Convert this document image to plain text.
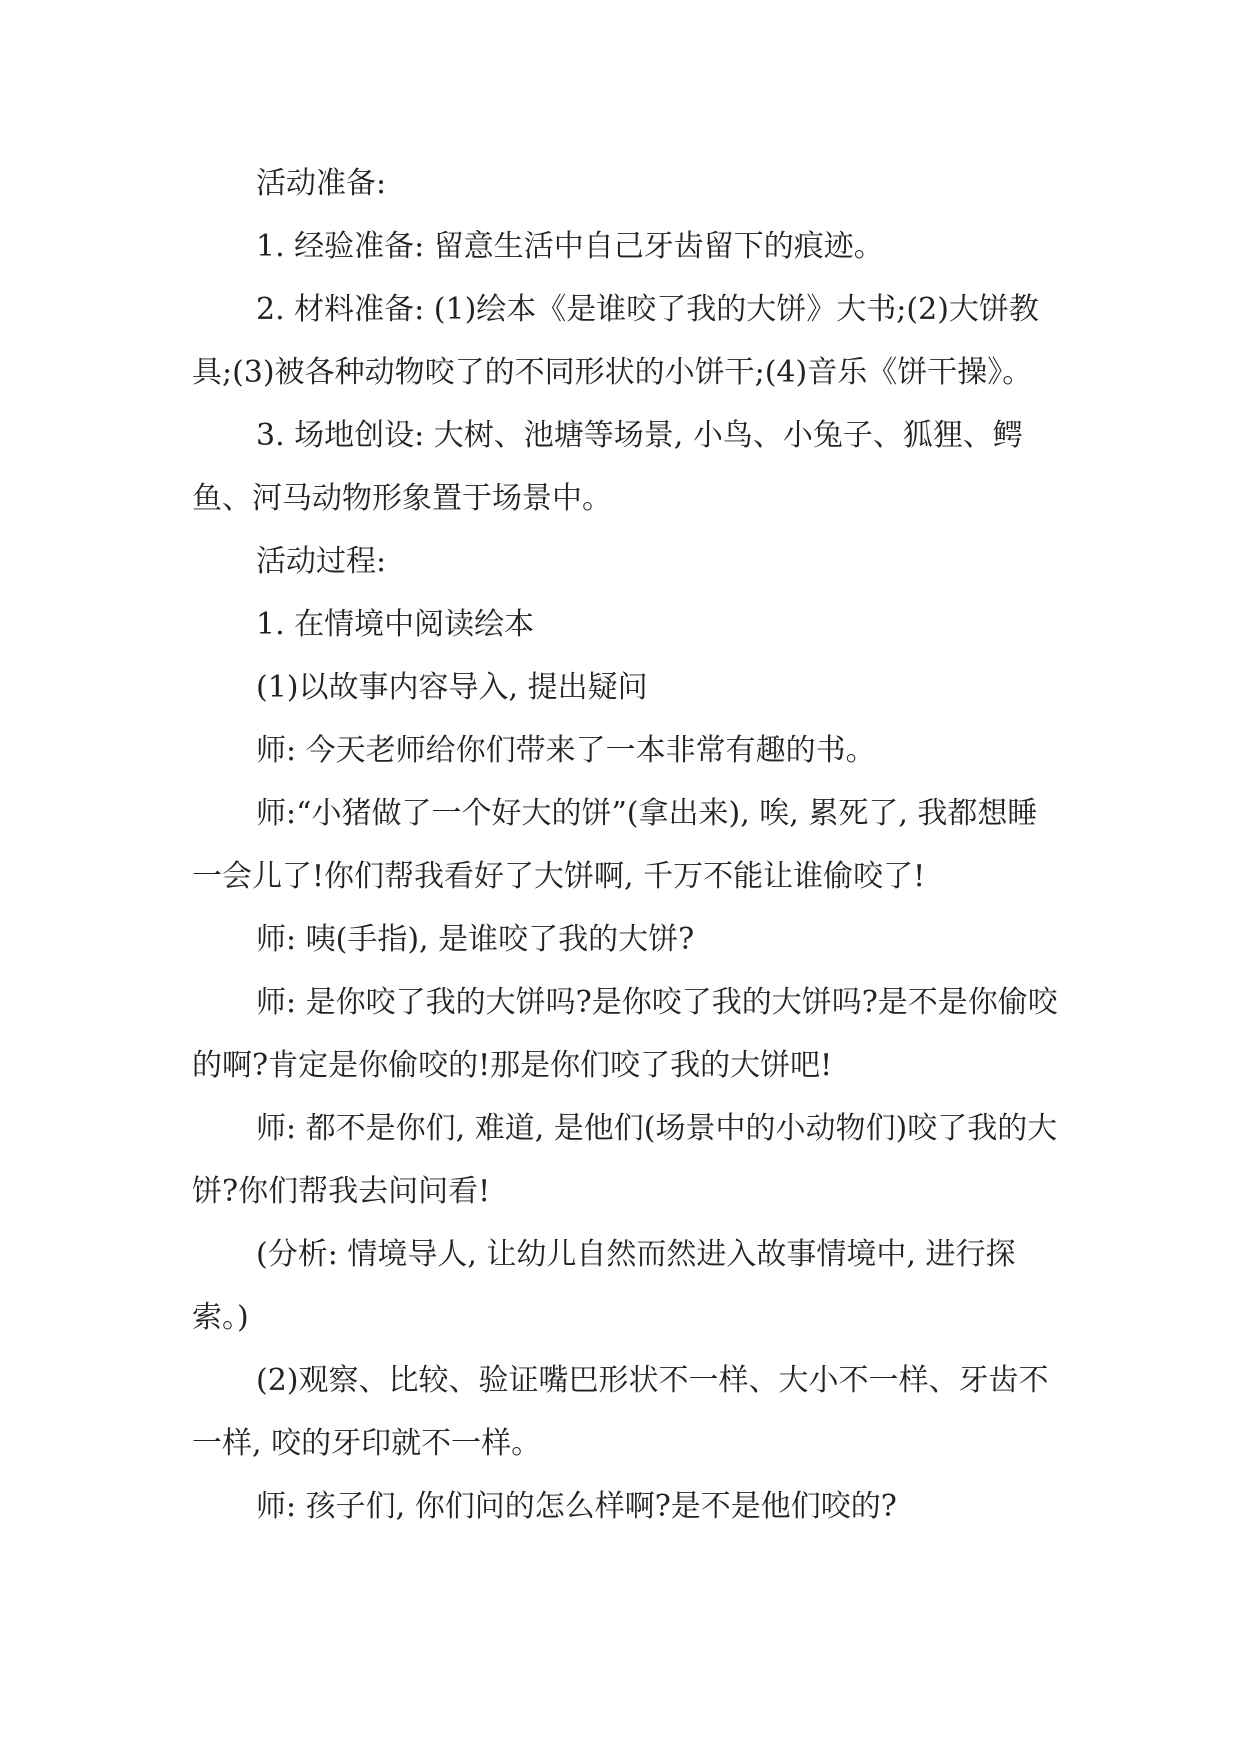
活动准备:

1. 经验准备: 留意生活中自己牙齿留下的痕迹。

2. 材料准备: (1)绘本《是谁咬了我的大饼》大书;(2)大饼教具;(3)被各种动物咬了的不同形状的小饼干;(4)音乐《饼干操》。

3. 场地创设: 大树、池塘等场景, 小鸟、小兔子、狐狸、鳄鱼、河马动物形象置于场景中。

活动过程:

1. 在情境中阅读绘本

(1)以故事内容导入, 提出疑问

师: 今天老师给你们带来了一本非常有趣的书。

师:“小猪做了一个好大的饼”(拿出来), 唉, 累死了, 我都想睡一会儿了!你们帮我看好了大饼啊, 千万不能让谁偷咬了!

师: 咦(手指), 是谁咬了我的大饼?

师: 是你咬了我的大饼吗?是你咬了我的大饼吗?是不是你偷咬的啊?肯定是你偷咬的!那是你们咬了我的大饼吧!

师: 都不是你们, 难道, 是他们(场景中的小动物们)咬了我的大饼?你们帮我去问问看!

(分析: 情境导人, 让幼儿自然而然进入故事情境中, 进行探索。)

(2)观察、比较、验证嘴巴形状不一样、大小不一样、牙齿不一样, 咬的牙印就不一样。

师: 孩子们, 你们问的怎么样啊?是不是他们咬的?
